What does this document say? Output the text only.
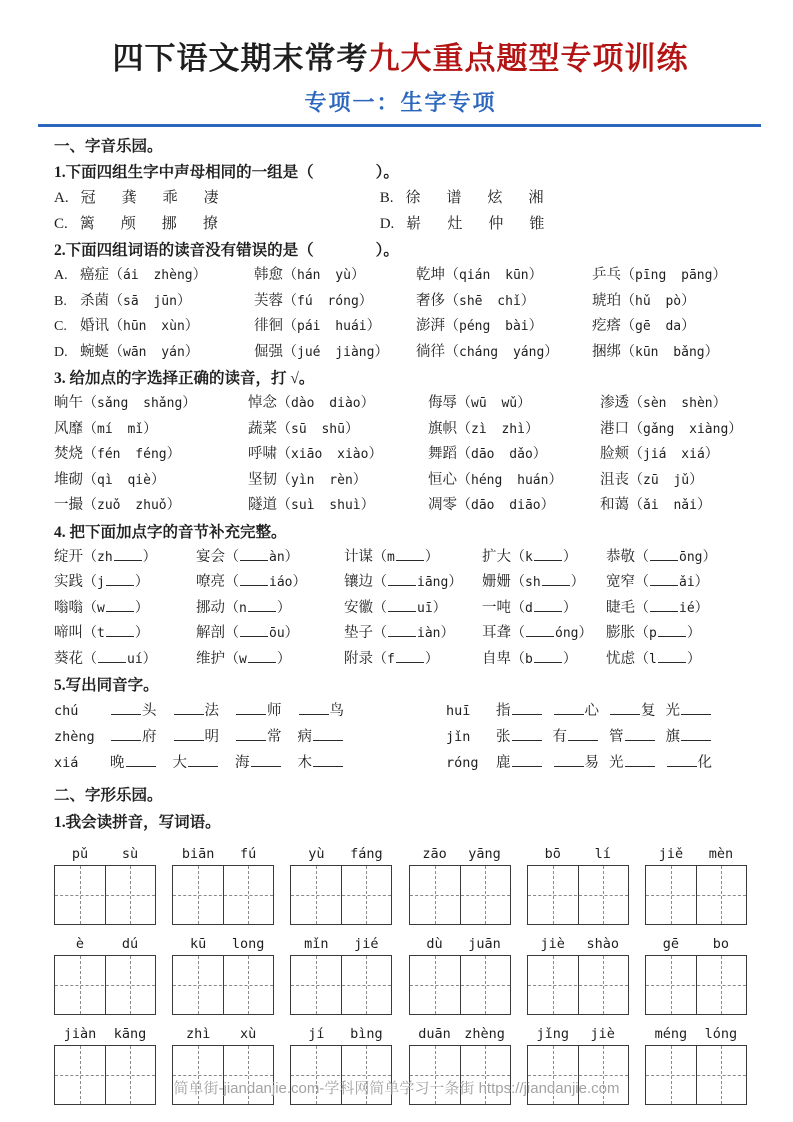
四下语文期末常考九大重点题型专项训练
专项一：生字专项
一、字音乐园。
1.下面四组生字中声母相同的一组是（　　　　）。
A. 冠 龚 乖 凄	B. 徐 谱 炫 湘
C. 篱 颅 挪 撩	D. 崭 灶 仲 锥
2.下面四组词语的读音没有错误的是（　　　　）。
A. 癌症（ái zhèng）	韩愈（hán yù）	乾坤（qián kūn）	乒乓（pīng pāng）
B. 杀菌（sā jūn）	芙蓉（fú róng）	奢侈（shē chǐ）	琥珀（hǔ pò）
C. 婚讯（hūn xùn）	徘徊（pái huái）	澎湃（péng bài）	疙瘩（gē da）
D. 蜿蜒（wān yán）	倔强（jué jiàng）	徜徉（cháng yáng）	捆绑（kūn bǎng）
3. 给加点的字选择正确的读音，打 √。
晌午（sǎng shǎng）	悼念（dào diào）	侮辱（wū wǔ）	渗透（sèn shèn）
风靡（mí mǐ）	蔬菜（sū shū）	旗帜（zì zhì）	港口（gǎng xiàng）
焚烧（fén féng）	呼啸（xiāo xiào）	舞蹈（dāo dǎo）	脸颊（jiá xiá）
堆砌（qì qiè）	坚韧（yìn rèn）	恒心（héng huán）	沮丧（zū jǔ）
一撮（zuǒ zhuǒ）	隧道（suì shuì）	凋零（dāo diāo）	和蔼（ǎi nǎi）
4. 把下面加点字的音节补充完整。
绽开（zh ）	宴会（ àn）	计谋（m ）	扩大（k ）	恭敬（ ōng）
实践（j ）	嘹亮（ iáo）	镶边（ iāng）	姗姗（sh ）	宽窄（ ǎi）
嗡嗡（w ）	挪动（n ）	安徽（ uī）	一吨（d ）	睫毛（ ié）
啼叫（t ）	解剖（ ōu）	垫子（ iàn）	耳聋（ óng） 膨胀（p ）
葵花（ uí）	维护（w ）	附录（f ）	自卑（b ）	忧虑（l ）
5.写出同音字。
chú	头	法	师	鸟	huī	指	心	复 光
zhèng	府	明	常 病	jǐn	张	有	管	旗
xiá	晚	大	海	木	róng	鹿	易 光	化
二、字形乐园。
1.我会读拼音，写词语。
pǔ	sù	biān	fú	yù	fáng	zāo	yāng	bō	lí	jiě	mèn
è	dú	kū	long	mǐn	jié	dù	juān	jiè	shào	gē	bo
jiàn	kāng	zhì	xù	jí	bìng	duān zhèng	jǐng	jiè	méng	lóng
简单街-jiandanjie.com-学科网简单学习一条街 https://jiandanjie.com
